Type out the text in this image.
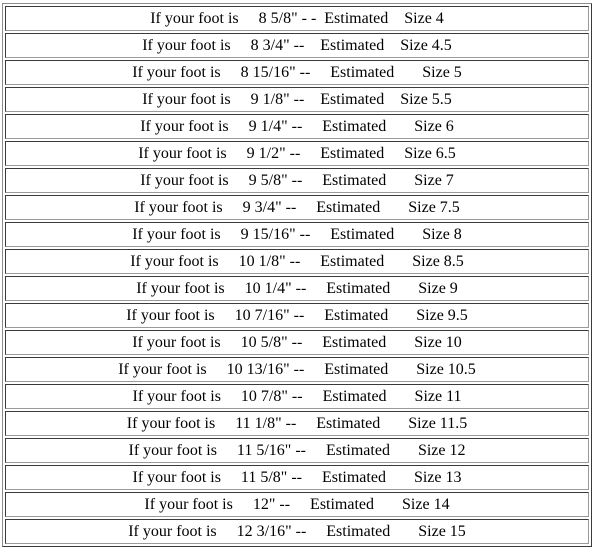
If your foot is     8 5/8" - -  Estimated    Size 4
If your foot is     8 3/4" --    Estimated    Size 4.5
If your foot is     8 15/16" --     Estimated       Size 5
If your foot is     9 1/8" --    Estimated    Size 5.5
If your foot is     9 1/4" --     Estimated       Size 6
If your foot is     9 1/2" --     Estimated     Size 6.5
If your foot is     9 5/8" --     Estimated       Size 7
If your foot is     9 3/4" --     Estimated       Size 7.5
If your foot is     9 15/16" --     Estimated       Size 8
If your foot is     10 1/8" --     Estimated       Size 8.5
If your foot is     10 1/4" --     Estimated       Size 9
If your foot is     10 7/16" --     Estimated       Size 9.5
If your foot is     10 5/8" --     Estimated       Size 10
If your foot is     10 13/16" --     Estimated       Size 10.5
If your foot is     10 7/8" --     Estimated       Size 11
If your foot is     11 1/8" --     Estimated       Size 11.5
If your foot is     11 5/16" --     Estimated       Size 12
If your foot is     11 5/8" --     Estimated       Size 13
If your foot is     12" --     Estimated       Size 14
If your foot is     12 3/16" --     Estimated       Size 15
